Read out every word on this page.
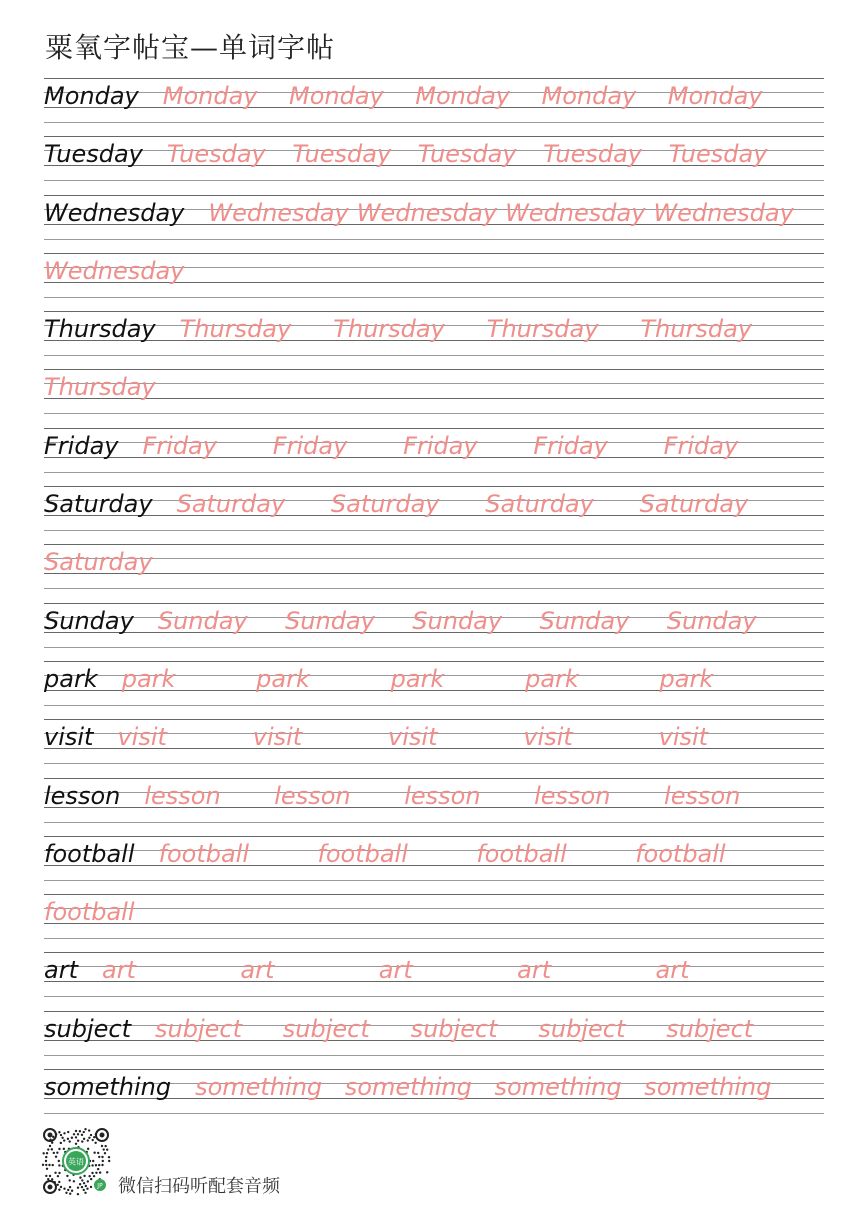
粟氧字帖宝—单词字帖
Monday Monday Monday Monday Monday Monday
Tuesday Tuesday Tuesday Tuesday Tuesday Tuesday
Wednesday Wednesday Wednesday Wednesday Wednesday
Wednesday
Thursday Thursday Thursday Thursday Thursday
Thursday
Friday Friday Friday Friday Friday Friday
Saturday Saturday Saturday Saturday Saturday
Saturday
Sunday Sunday Sunday Sunday Sunday Sunday
park park	park	park	park	park
visit visit	visit	visit	visit	visit
lesson lesson lesson lesson lesson lesson
football football	football	football	football
football
art art	art	art	art	art
subject subject subject subject subject subject
something something something something something
英语
JP 微信扫码听配套音频
